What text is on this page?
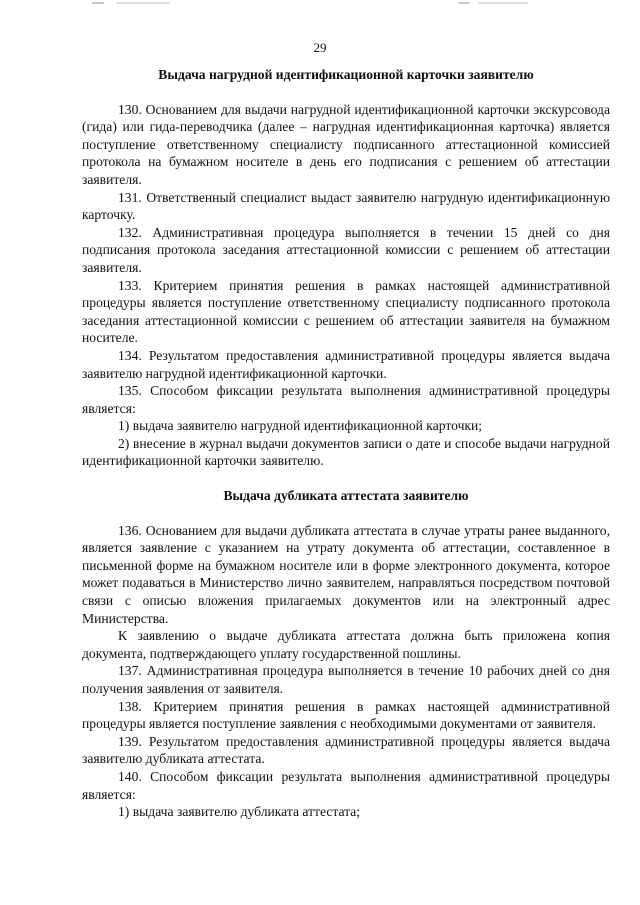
29

Выдача нагрудной идентификационной карточки заявителю

130. Основанием для выдачи нагрудной идентификационной карточки экскурсовода (гида) или гида-переводчика (далее – нагрудная идентификационная карточка) является поступление ответственному специалисту подписанного аттестационной комиссией протокола на бумажном носителе в день его подписания с решением об аттестации заявителя.

131. Ответственный специалист выдаст заявителю нагрудную идентификационную карточку.

132. Административная процедура выполняется в течении 15 дней со дня подписания протокола заседания аттестационной комиссии с решением об аттестации заявителя.

133. Критерием принятия решения в рамках настоящей административной процедуры является поступление ответственному специалисту подписанного протокола заседания аттестационной комиссии с решением об аттестации заявителя на бумажном носителе.

134. Результатом предоставления административной процедуры является выдача заявителю нагрудной идентификационной карточки.

135. Способом фиксации результата выполнения административной процедуры является:

1) выдача заявителю нагрудной идентификационной карточки;

2) внесение в журнал выдачи документов записи о дате и способе выдачи нагрудной идентификационной карточки заявителю.

Выдача дубликата аттестата заявителю

136. Основанием для выдачи дубликата аттестата в случае утраты ранее выданного, является заявление с указанием на утрату документа об аттестации, составленное в письменной форме на бумажном носителе или в форме электронного документа, которое может подаваться в Министерство лично заявителем, направляться посредством почтовой связи с описью вложения прилагаемых документов или на электронный адрес Министерства.

К заявлению о выдаче дубликата аттестата должна быть приложена копия документа, подтверждающего уплату государственной пошлины.

137. Административная процедура выполняется в течение 10 рабочих дней со дня получения заявления от заявителя.

138. Критерием принятия решения в рамках настоящей административной процедуры является поступление заявления с необходимыми документами от заявителя.

139. Результатом предоставления административной процедуры является выдача заявителю дубликата аттестата.

140. Способом фиксации результата выполнения административной процедуры является:

1) выдача заявителю дубликата аттестата;
